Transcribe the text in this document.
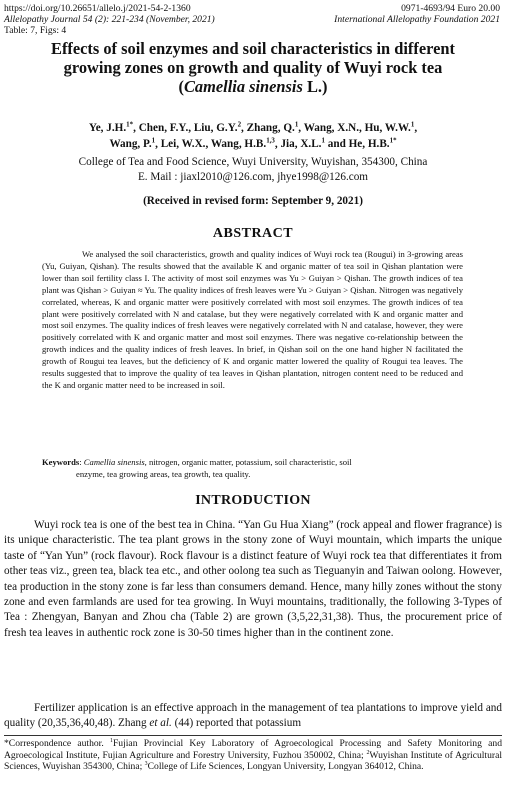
https://doi.org/10.26651/allelo.j/2021-54-2-1360	0971-4693/94 Euro 20.00
Allelopathy Journal 54 (2): 221-234 (November, 2021)	International Allelopathy Foundation 2021
Table: 7, Figs: 4
Effects of soil enzymes and soil characteristics in different
growing zones on growth and quality of Wuyi rock tea
(Camellia sinensis L.)
Ye, J.H.$^{1*}$, Chen, F.Y., Liu, G.Y.$^2$, Zhang, Q.$^1$, Wang, X.N., Hu, W.W.$^1$,
Wang, P.$^1$, Lei, W.X., Wang, H.B.$^{1,3}$, Jia, X.L.$^1$ and He, H.B.$^{1*}$
College of Tea and Food Science, Wuyi University, Wuyishan, 354300, China
E. Mail : jiaxl2010@126.com, jhye1998@126.com
(Received in revised form: September 9, 2021)
ABSTRACT
We analysed the soil characteristics, growth and quality indices of Wuyi rock tea (Rougui) in 3-growing areas (Yu, Guiyan, Qishan). The results showed that the available K and organic matter of tea soil in Qishan plantation were lower than soil fertility class I. The activity of most soil enzymes was Yu > Guiyan > Qishan. The growth indices of tea plant was Qishan > Guiyan ≈ Yu. The quality indices of fresh leaves were Yu > Guiyan > Qishan. Nitrogen was negatively correlated, whereas, K and organic matter were positively correlated with most soil enzymes. The growth indices of tea plant were positively correlated with N and catalase, but they were negatively correlated with K and organic matter and most soil enzymes. The quality indices of fresh leaves were negatively correlated with N and catalase, however, they were positively correlated with K and organic matter and most soil enzymes. There was negative co-relationship between the growth indices and the quality indices of fresh leaves. In brief, in Qishan soil on the one hand higher N facilitated the growth of Rougui tea leaves, but the deficiency of K and organic matter lowered the quality of Rougui tea leaves. The results suggested that to improve the quality of tea leaves in Qishan plantation, nitrogen content need to be reduced and the K and organic matter need to be increased in soil.
Keywords: Camellia sinensis, nitrogen, organic matter, potassium, soil characteristic, soil
enzyme, tea growing areas, tea growth, tea quality.
INTRODUCTION
Wuyi rock tea is one of the best tea in China. “Yan Gu Hua Xiang” (rock appeal and flower fragrance) is its unique characteristic. The tea plant grows in the stony zone of Wuyi mountain, which imparts the unique taste of “Yan Yun” (rock flavour). Rock flavour is a distinct feature of Wuyi rock tea that differentiates it from other teas viz., green tea, black tea etc., and other oolong tea such as Tieguanyin and Taiwan oolong. However, tea production in the stony zone is far less than consumers demand. Hence, many hilly zones without the stony zone and even farmlands are used for tea growing. In Wuyi mountains, traditionally, the following 3-Types of Tea : Zhengyan, Banyan and Zhou cha (Table 2) are grown (3,5,22,31,38). Thus, the procurement price of fresh tea leaves in authentic rock zone is 30-50 times higher than in the continent zone.
Fertilizer application is an effective approach in the management of tea plantations to improve yield and quality (20,35,36,40,48). Zhang et al. (44) reported that potassium
*Correspondence author. $^1$Fujian Provincial Key Laboratory of Agroecological Processing and Safety Monitoring and Agroecological Institute, Fujian Agriculture and Forestry University, Fuzhou 350002, China; $^2$Wuyishan Institute of Agricultural Sciences, Wuyishan 354300, China; $^3$College of Life Sciences, Longyan University, Longyan 364012, China.
